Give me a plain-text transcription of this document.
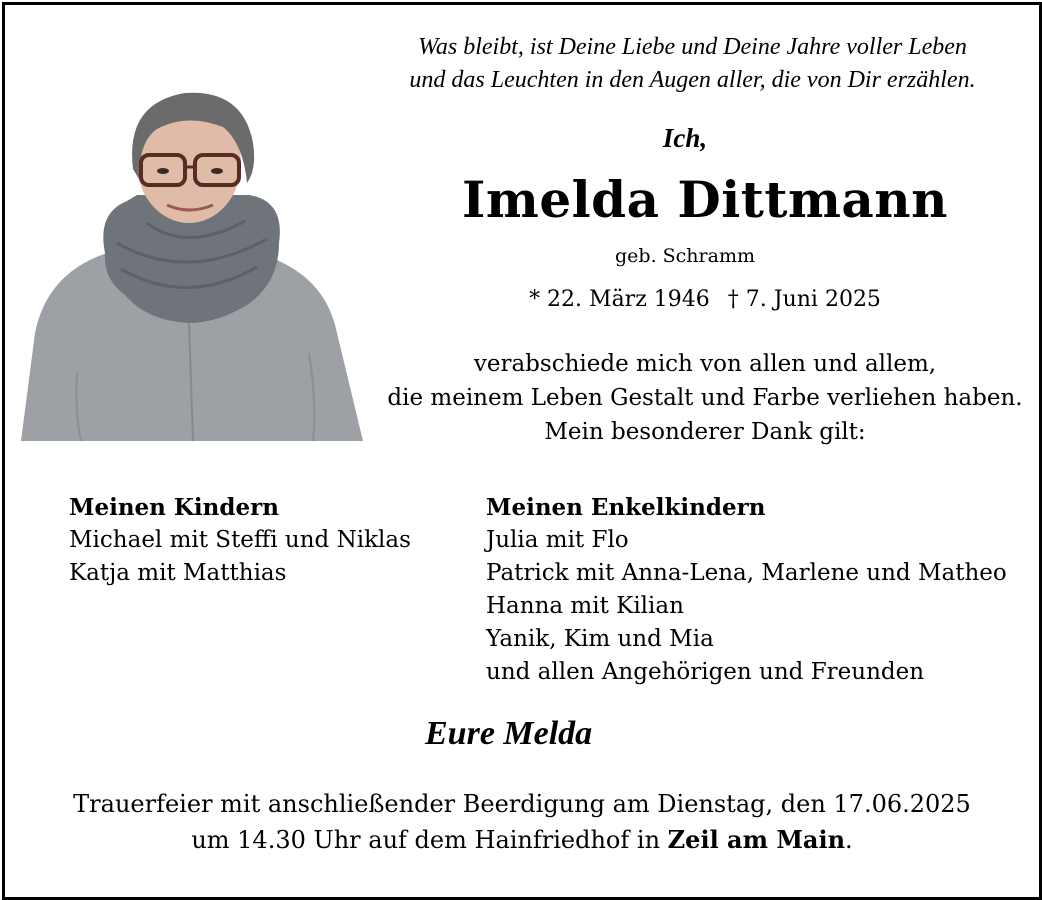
Was bleibt, ist Deine Liebe und Deine Jahre voller Leben
und das Leuchten in den Augen aller, die von Dir erzählen.
Ich,
Imelda Dittmann
geb. Schramm
* 22. März 1946 † 7. Juni 2025
verabschiede mich von allen und allem,
die meinem Leben Gestalt und Farbe verliehen haben.
Mein besonderer Dank gilt:
Meinen Kindern
Michael mit Steffi und Niklas
Katja mit Matthias
Meinen Enkelkindern
Julia mit Flo
Patrick mit Anna-Lena, Marlene und Matheo
Hanna mit Kilian
Yanik, Kim und Mia
und allen Angehörigen und Freunden
Eure Melda
Trauerfeier mit anschließender Beerdigung am Dienstag, den 17.06.2025
um 14.30 Uhr auf dem Hainfriedhof in Zeil am Main.
